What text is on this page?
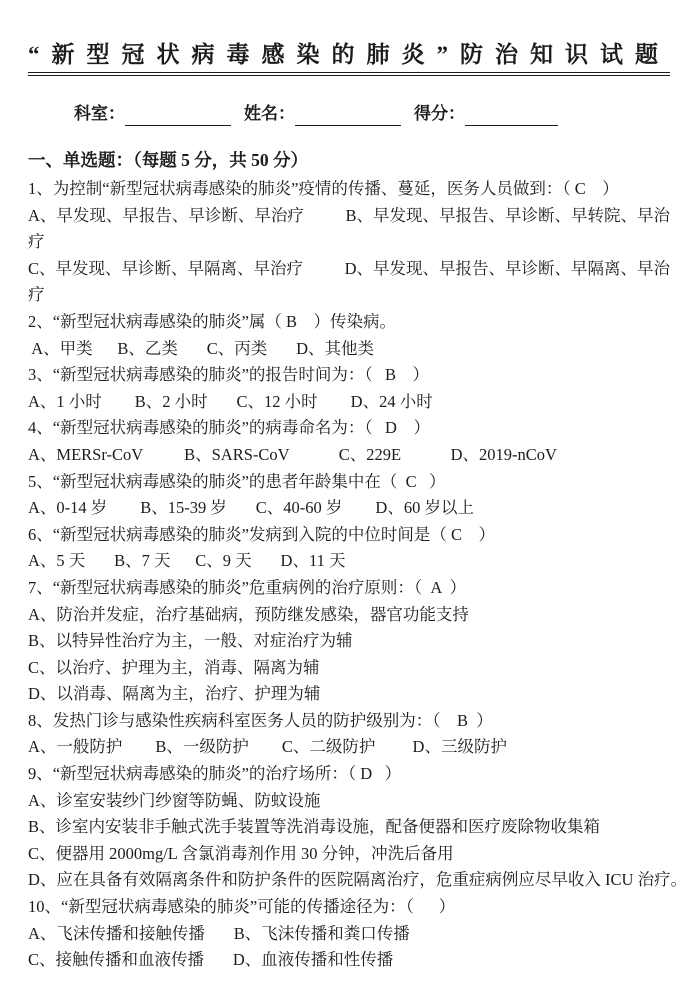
“新型冠状病毒感染的肺炎”防治知识试题
科室：	姓名：	得分：
一、单选题：（每题 5 分，共 50 分）
1、为控制“新型冠状病毒感染的肺炎”疫情的传播、蔓延，医务人员做到：（ C    ）
A、早发现、早报告、早诊断、早治疗	B、早发现、早报告、早诊断、早转院、早治
疗
C、早发现、早诊断、早隔离、早治疗	D、早发现、早报告、早诊断、早隔离、早治
疗
2、“新型冠状病毒感染的肺炎”属（ B    ）传染病。
A、甲类      B、乙类       C、丙类       D、其他类
3、“新型冠状病毒感染的肺炎”的报告时间为：（   B    ）
A、1 小时        B、2 小时       C、12 小时        D、24 小时
4、“新型冠状病毒感染的肺炎”的病毒命名为：（   D    ）
A、MERSr-CoV          B、SARS-CoV            C、229E            D、2019-nCoV
5、“新型冠状病毒感染的肺炎”的患者年龄集中在（  C   ）
A、0-14 岁        B、15-39 岁       C、40-60 岁        D、60 岁以上
6、“新型冠状病毒感染的肺炎”发病到入院的中位时间是（ C    ）
A、5 天       B、7 天      C、9 天       D、11 天
7、“新型冠状病毒感染的肺炎”危重病例的治疗原则：（  A  ）
A、防治并发症，治疗基础病，预防继发感染，器官功能支持
B、以特异性治疗为主，一般、对症治疗为辅
C、以治疗、护理为主，消毒、隔离为辅
D、以消毒、隔离为主，治疗、护理为辅
8、发热门诊与感染性疾病科室医务人员的防护级别为：（    B  ）
A、一般防护        B、一级防护        C、二级防护         D、三级防护
9、“新型冠状病毒感染的肺炎”的治疗场所：（ D   ）
A、诊室安装纱门纱窗等防蝇、防蚊设施
B、诊室内安装非手触式洗手装置等洗消毒设施，配备便器和医疗废除物收集箱
C、便器用 2000mg/L 含氯消毒剂作用 30 分钟，冲洗后备用
D、应在具备有效隔离条件和防护条件的医院隔离治疗，危重症病例应尽早收入 ICU 治疗。
10、“新型冠状病毒感染的肺炎”可能的传播途径为：（      ）
A、飞沫传播和接触传播       B、飞沫传播和粪口传播
C、接触传播和血液传播       D、血液传播和性传播
